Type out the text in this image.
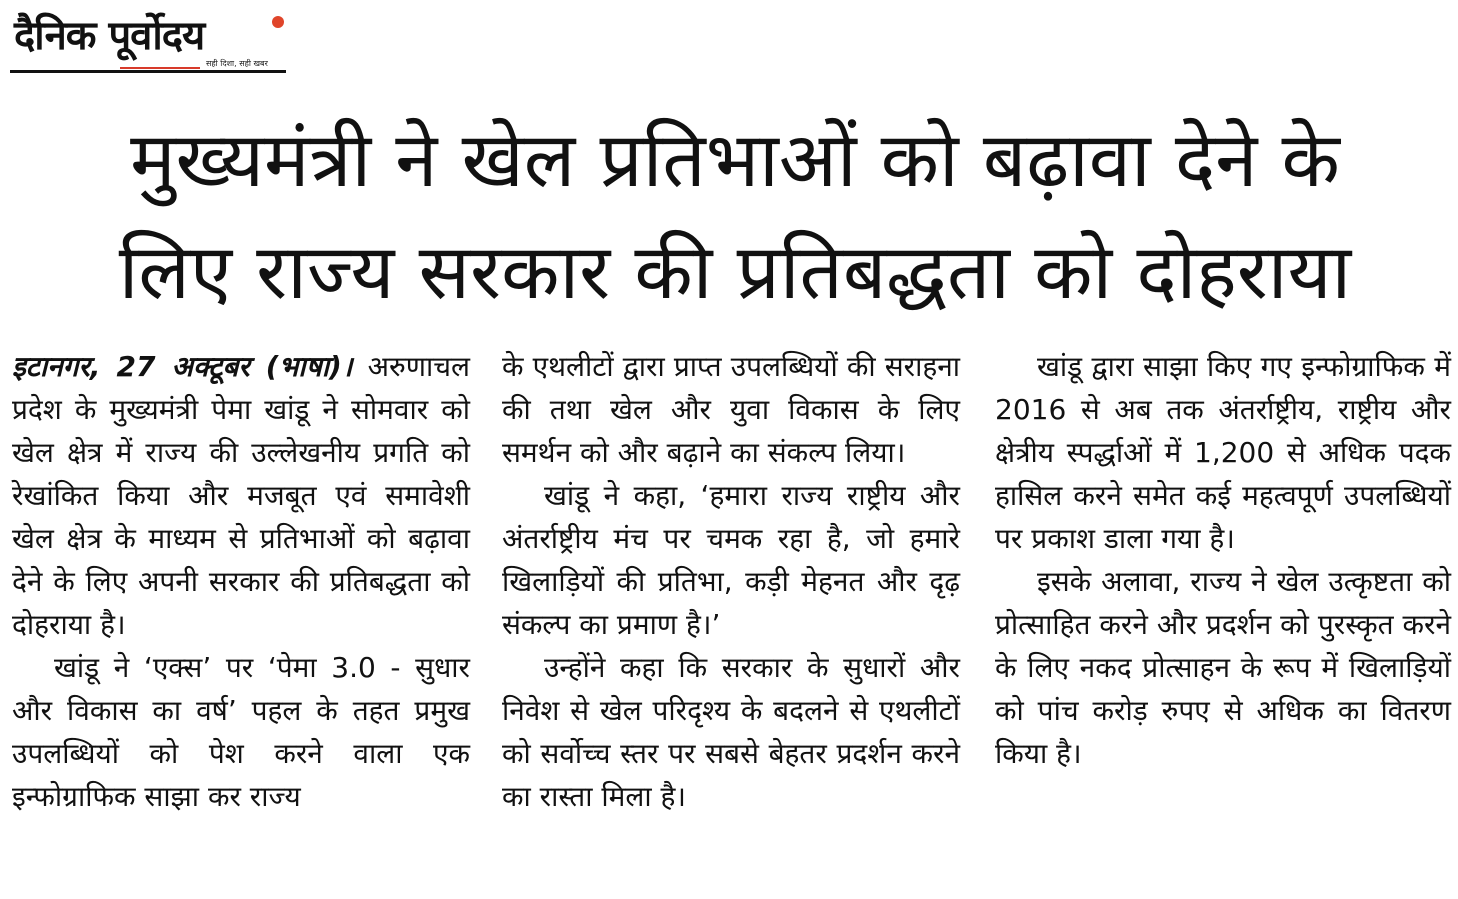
दैनिक पूर्वोदय
सही दिशा, सही खबर
मुख्यमंत्री ने खेल प्रतिभाओं को बढ़ावा देने के
लिए राज्य सरकार की प्रतिबद्धता को दोहराया

इटानगर, 27 अक्टूबर (भाषा)। अरुणाचल प्रदेश के मुख्यमंत्री पेमा खांडू ने सोमवार को खेल क्षेत्र में राज्य की उल्लेखनीय प्रगति को रेखांकित किया और मजबूत एवं समावेशी खेल क्षेत्र के माध्यम से प्रतिभाओं को बढ़ावा देने के लिए अपनी सरकार की प्रतिबद्धता को दोहराया है।

खांडू ने ‘एक्स’ पर ‘पेमा 3.0 - सुधार और विकास का वर्ष’ पहल के तहत प्रमुख उपलब्धियों को पेश करने वाला एक इन्फोग्राफिक साझा कर राज्य

के एथलीटों द्वारा प्राप्त उपलब्धियों की सराहना की तथा खेल और युवा विकास के लिए समर्थन को और बढ़ाने का संकल्प लिया।

खांडू ने कहा, ‘हमारा राज्य राष्ट्रीय और अंतर्राष्ट्रीय मंच पर चमक रहा है, जो हमारे खिलाड़ियों की प्रतिभा, कड़ी मेहनत और दृढ़ संकल्प का प्रमाण है।’

उन्होंने कहा कि सरकार के सुधारों और निवेश से खेल परिदृश्य के बदलने से एथलीटों को सर्वोच्च स्तर पर सबसे बेहतर प्रदर्शन करने का रास्ता मिला है।

खांडू द्वारा साझा किए गए इन्फोग्राफिक में 2016 से अब तक अंतर्राष्ट्रीय, राष्ट्रीय और क्षेत्रीय स्पर्द्धाओं में 1,200 से अधिक पदक हासिल करने समेत कई महत्वपूर्ण उपलब्धियों पर प्रकाश डाला गया है।

इसके अलावा, राज्य ने खेल उत्कृष्टता को प्रोत्साहित करने और प्रदर्शन को पुरस्कृत करने के लिए नकद प्रोत्साहन के रूप में खिलाड़ियों को पांच करोड़ रुपए से अधिक का वितरण किया है।
